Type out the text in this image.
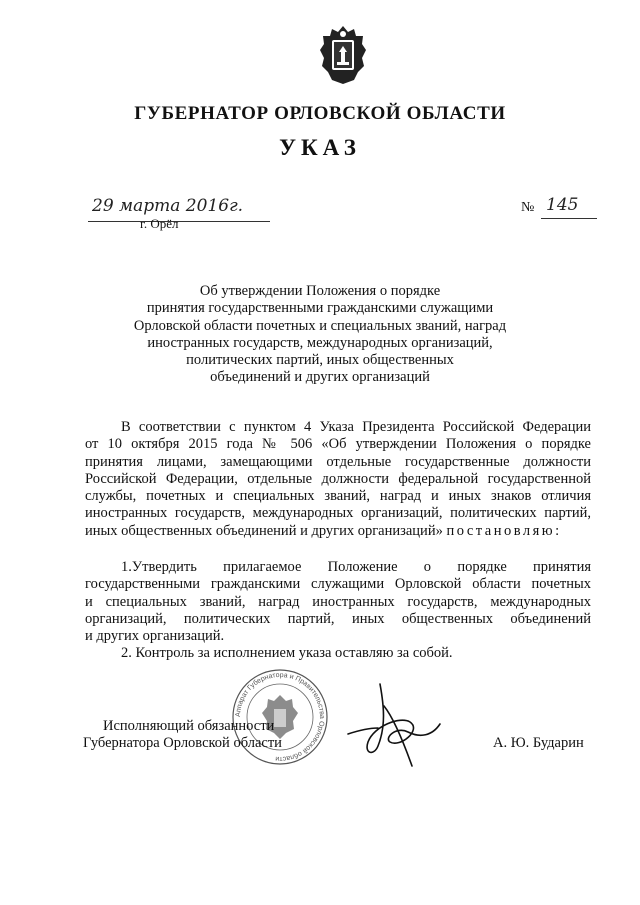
ГУБЕРНАТОР ОРЛОВСКОЙ ОБЛАСТИ
УКАЗ
29 марта 2016г.
г. Орёл
№ 145
Об утверждении Положения о порядке
принятия государственными гражданскими служащими
Орловской области почетных и специальных званий, наград
иностранных государств, международных организаций,
политических партий, иных общественных
объединений и других организаций
В соответствии с пунктом 4 Указа Президента Российской Федерации
от 10 октября 2015 года № 506 «Об утверждении Положения о порядке
принятия лицами, замещающими отдельные государственные должности
Российской Федерации, отдельные должности федеральной государственной
службы, почетных и специальных званий, наград и иных знаков отличия
иностранных государств, международных организаций, политических партий,
иных общественных объединений и других организаций» постановляю:
1.Утвердить прилагаемое Положение о порядке принятия
государственными гражданскими служащими Орловской области почетных
и специальных званий, наград иностранных государств, международных
организаций, политических партий, иных общественных объединений
и других организаций.
2. Контроль за исполнением указа оставляю за собой.
Аппарат Губернатора и Правительства Орловской области
Исполняющий обязанности
Губернатора Орловской области	А. Ю. Бударин
